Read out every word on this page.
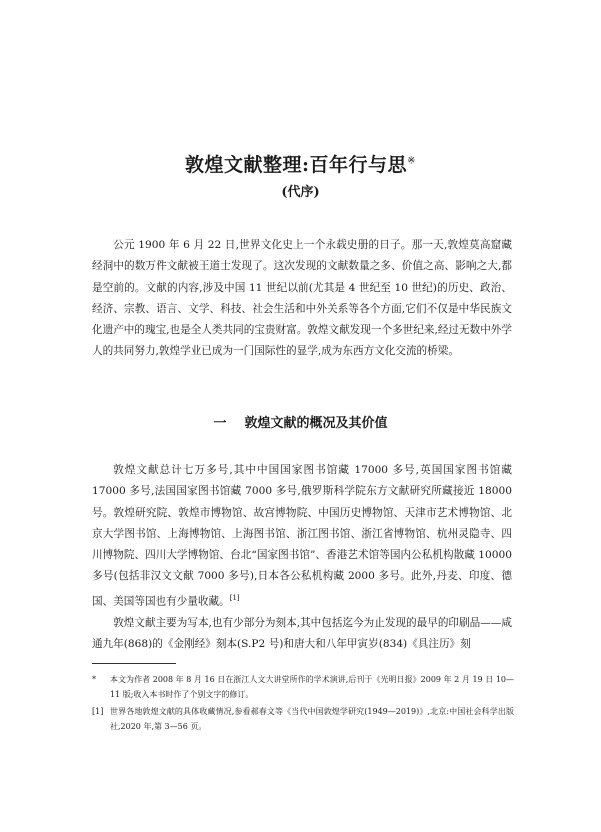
敦煌文献整理:百年行与思※
(代序)

公元 1900 年 6 月 22 日,世界文化史上一个永载史册的日子。那一天,敦煌莫高窟藏经洞中的数万件文献被王道士发现了。这次发现的文献数量之多、价值之高、影响之大,都是空前的。文献的内容,涉及中国 11 世纪以前(尤其是 4 世纪至 10 世纪)的历史、政治、经济、宗教、语言、文学、科技、社会生活和中外关系等各个方面,它们不仅是中华民族文化遗产中的瑰宝,也是全人类共同的宝贵财富。敦煌文献发现一个多世纪来,经过无数中外学人的共同努力,敦煌学业已成为一门国际性的显学,成为东西方文化交流的桥梁。

一 敦煌文献的概况及其价值

敦煌文献总计七万多号,其中中国国家图书馆藏 17000 多号,英国国家图书馆藏 17000 多号,法国国家图书馆藏 7000 多号,俄罗斯科学院东方文献研究所藏接近 18000 号。敦煌研究院、敦煌市博物馆、故宫博物院、中国历史博物馆、天津市艺术博物馆、北京大学图书馆、上海博物馆、上海图书馆、浙江图书馆、浙江省博物馆、杭州灵隐寺、四川博物院、四川大学博物馆、台北“国家图书馆”、香港艺术馆等国内公私机构散藏 10000 多号(包括非汉文文献 7000 多号),日本各公私机构藏 2000 多号。此外,丹麦、印度、德国、美国等国也有少量收藏。[1]

敦煌文献主要为写本,也有少部分为刻本,其中包括迄今为止发现的最早的印刷品——咸通九年(868)的《金刚经》刻本(S.P2 号)和唐大和八年甲寅岁(834)《具注历》刻

* 本文为作者 2008 年 8 月 16 日在浙江人文大讲堂所作的学术演讲,后刊于《光明日报》2009 年 2 月 19 日 10—11 版;收入本书时作了个别文字的修订。
[1] 世界各地敦煌文献的具体收藏情况,参看郝春文等《当代中国敦煌学研究(1949—2019)》,北京:中国社会科学出版社,2020 年,第 3—56 页。
